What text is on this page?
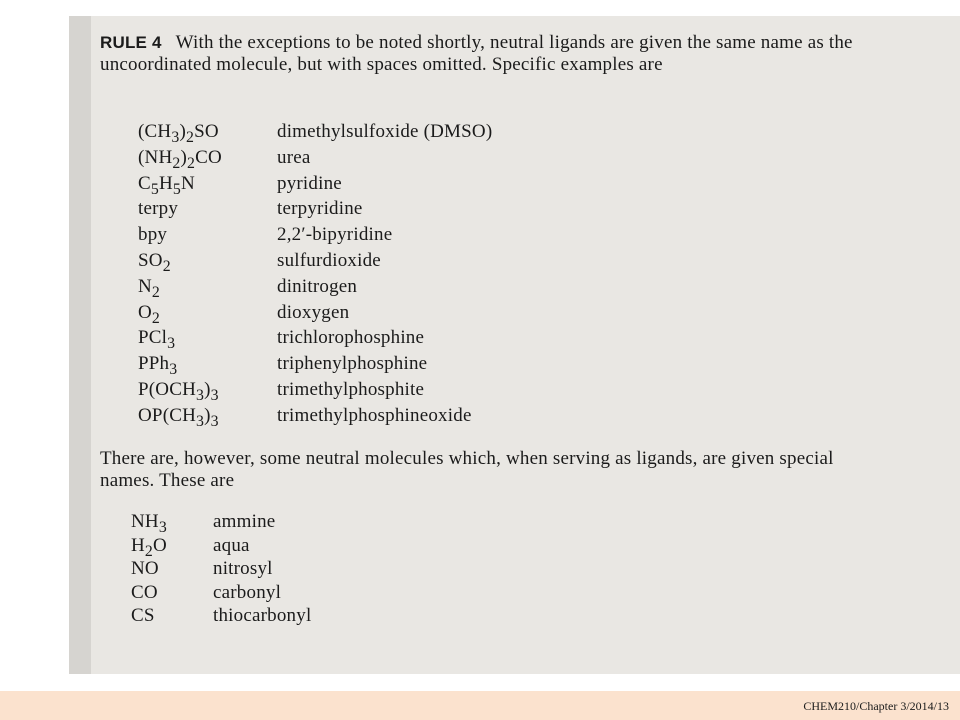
RULE 4 With the exceptions to be noted shortly, neutral ligands are given the same name as the uncoordinated molecule, but with spaces omitted. Specific examples are
$(CH_3)_2SO$	dimethylsulfoxide (DMSO)
$(NH_2)_2CO$	urea
$C_5H_5N$	pyridine
terpy	terpyridine
bpy	2,2′-bipyridine
$SO_2$	sulfurdioxide
$N_2$	dinitrogen
$O_2$	dioxygen
PCl$_3$	trichlorophosphine
PPh$_3$	triphenylphosphine
$P(OCH_3)_3$	trimethylphosphite
$OP(CH_3)_3$	trimethylphosphineoxide
There are, however, some neutral molecules which, when serving as ligands, are given special names. These are
$NH_3$ ammine
$H_2O$ aqua
NO	nitrosyl
CO	carbonyl
CS	thiocarbonyl
CHEM210/Chapter 3/2014/13
